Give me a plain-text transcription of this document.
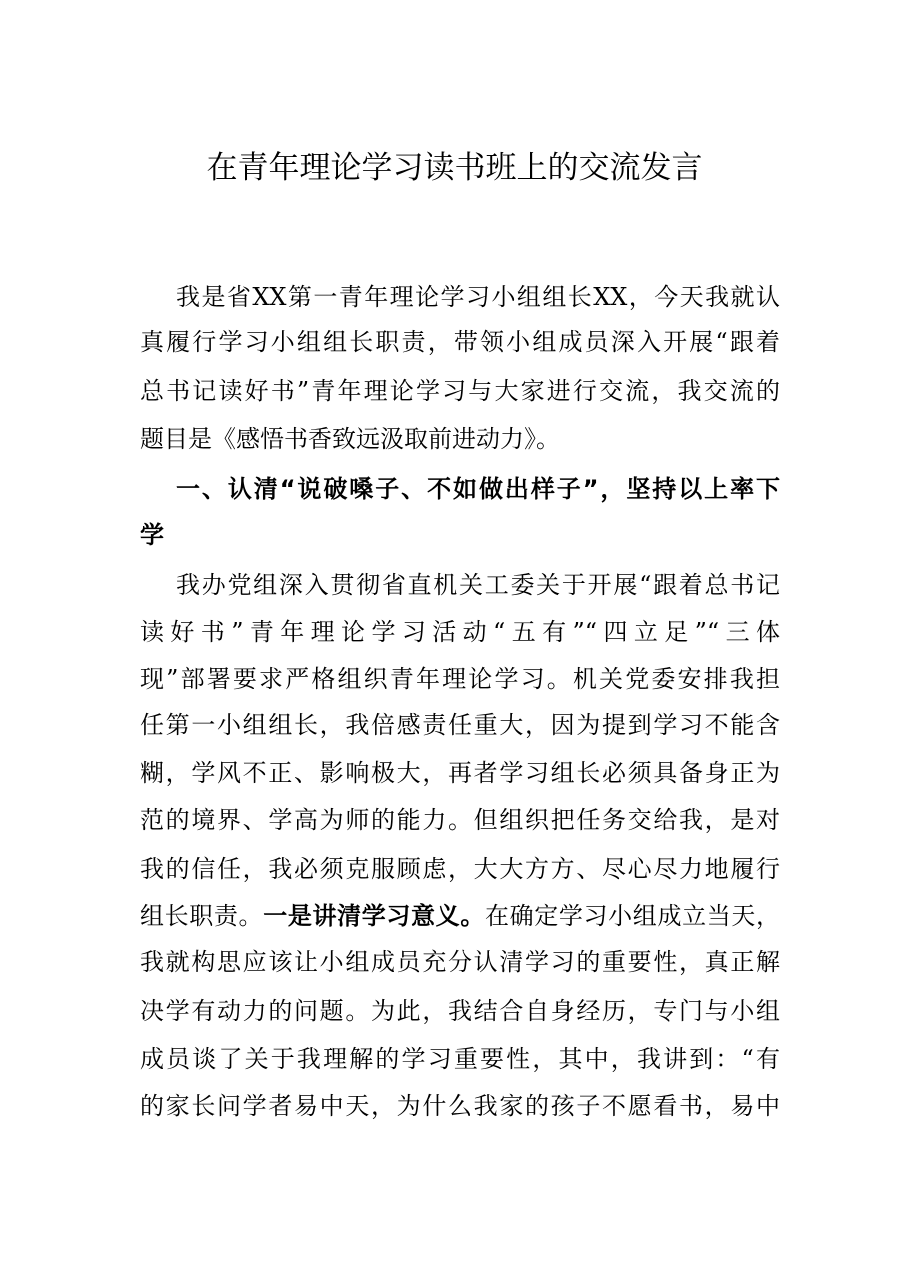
在青年理论学习读书班上的交流发言
我是省XX第一青年理论学习小组组长XX，今天我就认
真履行学习小组组长职责，带领小组成员深入开展“跟着
总书记读好书”青年理论学习与大家进行交流，我交流的
题目是《感悟书香致远汲取前进动力》。
一、认清“说破嗓子、不如做出样子”，坚持以上率下
学
我办党组深入贯彻省直机关工委关于开展“跟着总书记
读好书”青年理论学习活动“五有”“四立足”“三体
现”部署要求严格组织青年理论学习。机关党委安排我担
任第一小组组长，我倍感责任重大，因为提到学习不能含
糊，学风不正、影响极大，再者学习组长必须具备身正为
范的境界、学高为师的能力。但组织把任务交给我，是对
我的信任，我必须克服顾虑，大大方方、尽心尽力地履行
组长职责。一是讲清学习意义。在确定学习小组成立当天，
我就构思应该让小组成员充分认清学习的重要性，真正解
决学有动力的问题。为此，我结合自身经历，专门与小组
成员谈了关于我理解的学习重要性，其中，我讲到：“有
的家长问学者易中天，为什么我家的孩子不愿看书，易中
